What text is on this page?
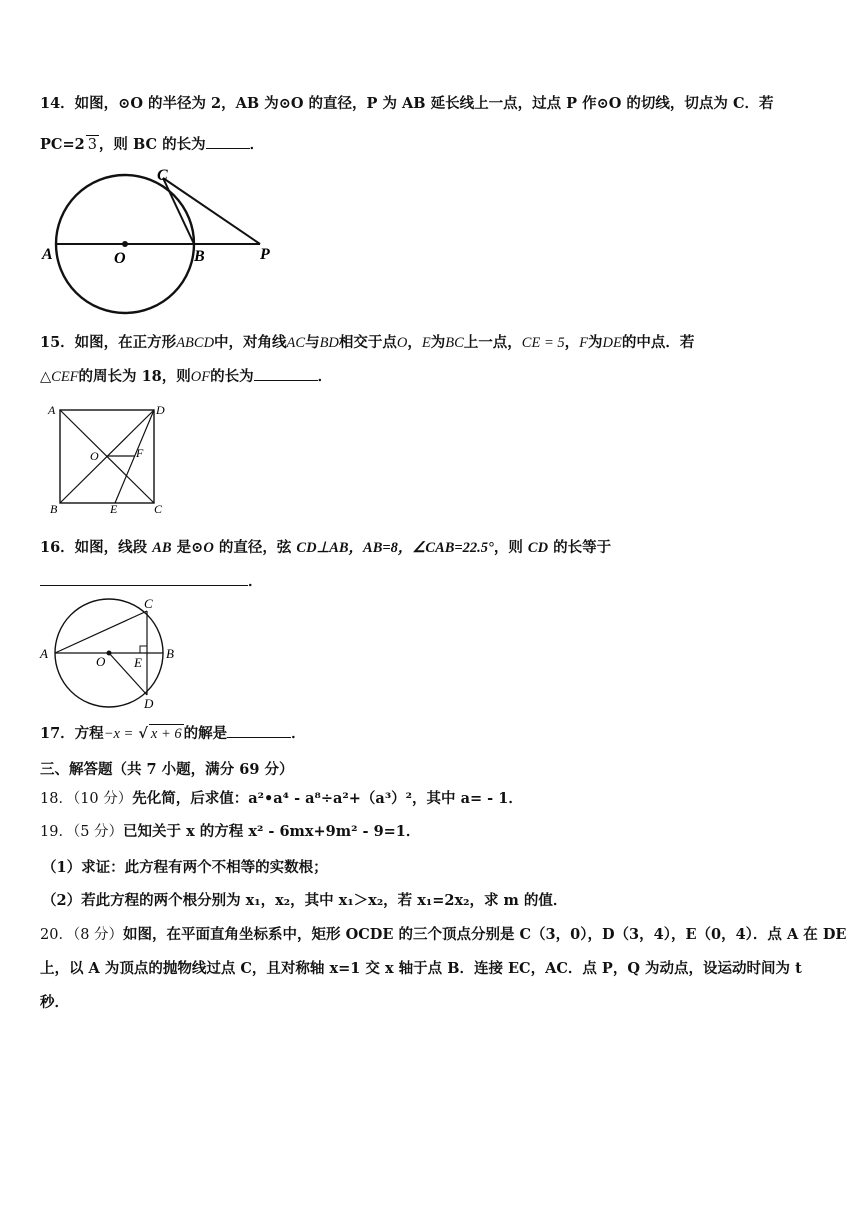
14．如图，⊙O 的半径为 2，AB 为⊙O 的直径，P 为 AB 延长线上一点，过点 P 作⊙O 的切线，切点为 C．若
PC=2 3 ，则 BC 的长为	．
A	O	B
C
P
15．如图，在正方形ABCD中，对角线AC与BD相交于点O，E为BC上一点，CE = 5，F为DE的中点．若
△CEF的周长为 18，则OF的长为	．
A	D
O	F
B	E	C
16．如图，线段 AB 是⊙O 的直径，弦 CD⊥AB，AB=8，∠CAB=22.5°，则 CD 的长等于
．
A
O E
B
C
D
17．方程−x = √ x + 6 的解是	．
三、解答题（共 7 小题，满分 69 分）
18．（10 分）先化简，后求值：a²•a⁴ - a⁸÷a²+（a³）²，其中 a= - 1．
19．（5 分）已知关于 x 的方程 x² - 6mx+9m² - 9=1．
（1）求证：此方程有两个不相等的实数根；
（2）若此方程的两个根分别为 x₁，x₂，其中 x₁＞x₂，若 x₁=2x₂，求 m 的值．
20．（8 分）如图，在平面直角坐标系中，矩形 OCDE 的三个顶点分别是 C（3，0），D（3，4），E（0，4）．点 A 在 DE
上，以 A 为顶点的抛物线过点 C，且对称轴 x=1 交 x 轴于点 B．连接 EC，AC．点 P，Q 为动点，设运动时间为 t
秒．
